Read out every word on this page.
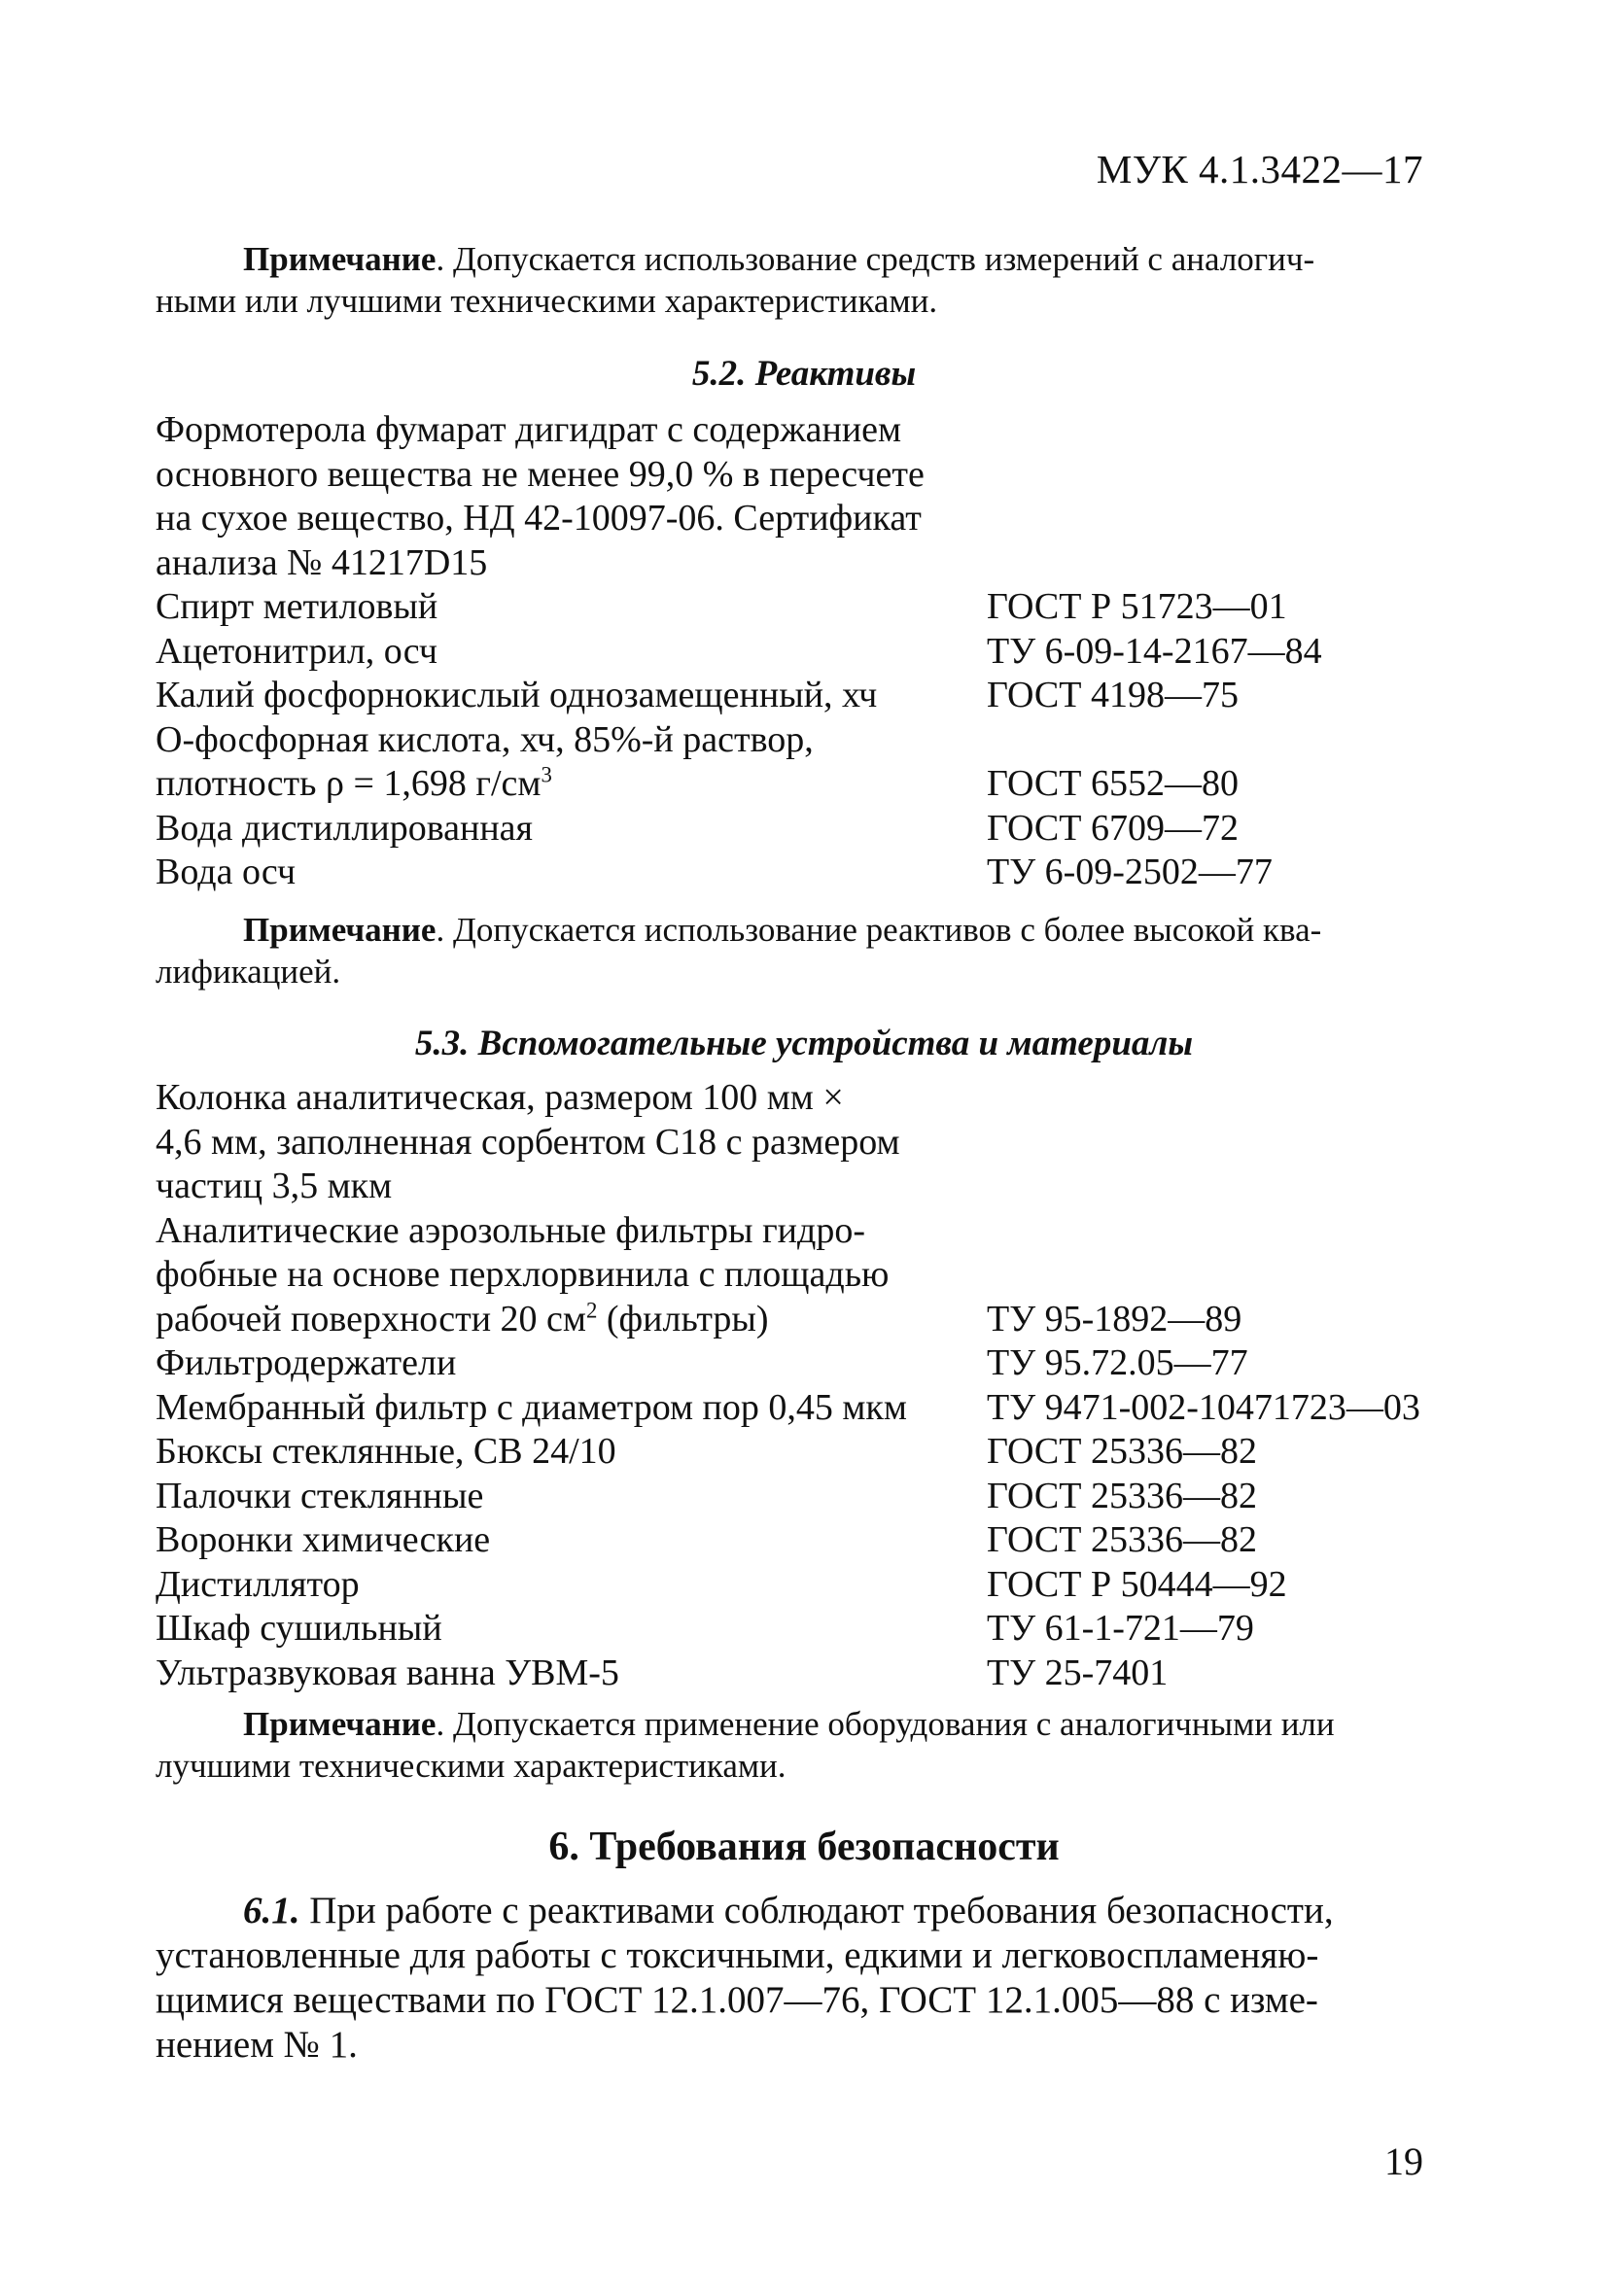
МУК 4.1.3422—17
Примечание. Допускается использование средств измерений с аналогич-
ными или лучшими техническими характеристиками.
5.2. Реактивы
Формотерола фумарат дигидрат с содержанием
основного вещества не менее 99,0 % в пересчете
на сухое вещество, НД 42-10097-06. Сертификат
анализа № 41217D15
Спирт метиловый	ГОСТ Р 51723—01
Ацетонитрил, осч	ТУ 6-09-14-2167—84
Калий фосфорнокислый однозамещенный, хч	ГОСТ 4198—75
О-фосфорная кислота, хч, 85%-й раствор,
плотность ρ = 1,698 $г/см^3$	ГОСТ 6552—80
Вода дистиллированная	ГОСТ 6709—72
Вода осч	ТУ 6-09-2502—77
Примечание. Допускается использование реактивов с более высокой ква-
лификацией.
5.3. Вспомогательные устройства и материалы
Колонка аналитическая, размером 100 мм ×
4,6 мм, заполненная сорбентом С18 с размером
частиц 3,5 мкм
Аналитические аэрозольные фильтры гидро-
фобные на основе перхлорвинила с площадью
рабочей поверхности 20 $см^2$ (фильтры)	ТУ 95-1892—89
Фильтродержатели	ТУ 95.72.05—77
Мембранный фильтр с диаметром пор 0,45 мкм	ТУ 9471-002-10471723—03
Бюксы стеклянные, СВ 24/10	ГОСТ 25336—82
Палочки стеклянные	ГОСТ 25336—82
Воронки химические	ГОСТ 25336—82
Дистиллятор	ГОСТ Р 50444—92
Шкаф сушильный	ТУ 61-1-721—79
Ультразвуковая ванна УВМ-5	ТУ 25-7401
Примечание. Допускается применение оборудования с аналогичными или
лучшими техническими характеристиками.
6. Требования безопасности
6.1. При работе с реактивами соблюдают требования безопасности,
установленные для работы с токсичными, едкими и легковоспламеняю-
щимися веществами по ГОСТ 12.1.007—76, ГОСТ 12.1.005—88 с изме-
нением № 1.
19
